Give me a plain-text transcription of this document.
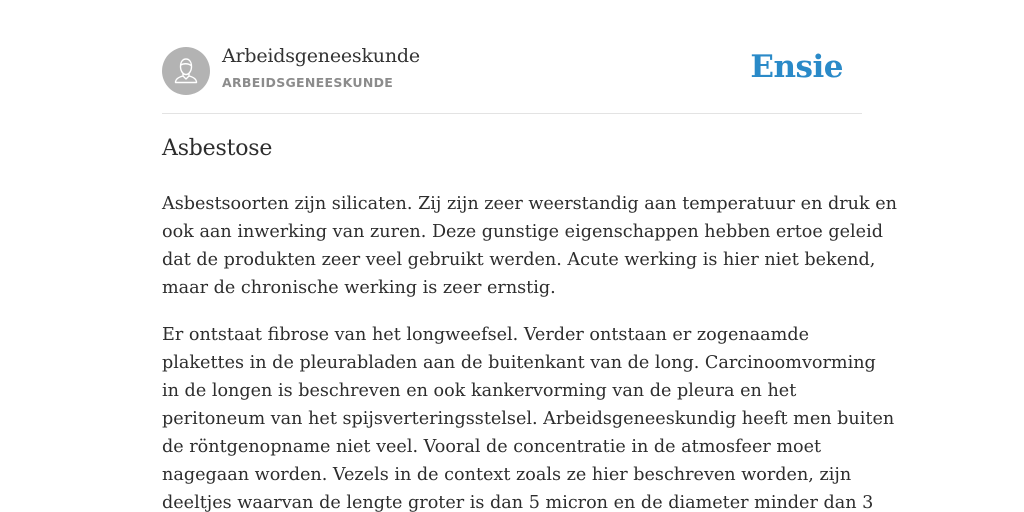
Arbeidsgeneeskunde
ARBEIDSGENEESKUNDE	Ensie
Asbestose

Asbestsoorten zijn silicaten. Zij zijn zeer weerstandig aan temperatuur en druk en
ook aan inwerking van zuren. Deze gunstige eigenschappen hebben ertoe geleid
dat de produkten zeer veel gebruikt werden. Acute werking is hier niet bekend,
maar de chronische werking is zeer ernstig.

Er ontstaat fibrose van het longweefsel. Verder ontstaan er zogenaamde
plakettes in de pleurabladen aan de buitenkant van de long. Carcinoomvorming
in de longen is beschreven en ook kankervorming van de pleura en het
peritoneum van het spijsverteringsstelsel. Arbeidsgeneeskundig heeft men buiten
de röntgenopname niet veel. Vooral de concentratie in de atmosfeer moet
nagegaan worden. Vezels in de context zoals ze hier beschreven worden, zijn
deeltjes waarvan de lengte groter is dan 5 micron en de diameter minder dan 3
